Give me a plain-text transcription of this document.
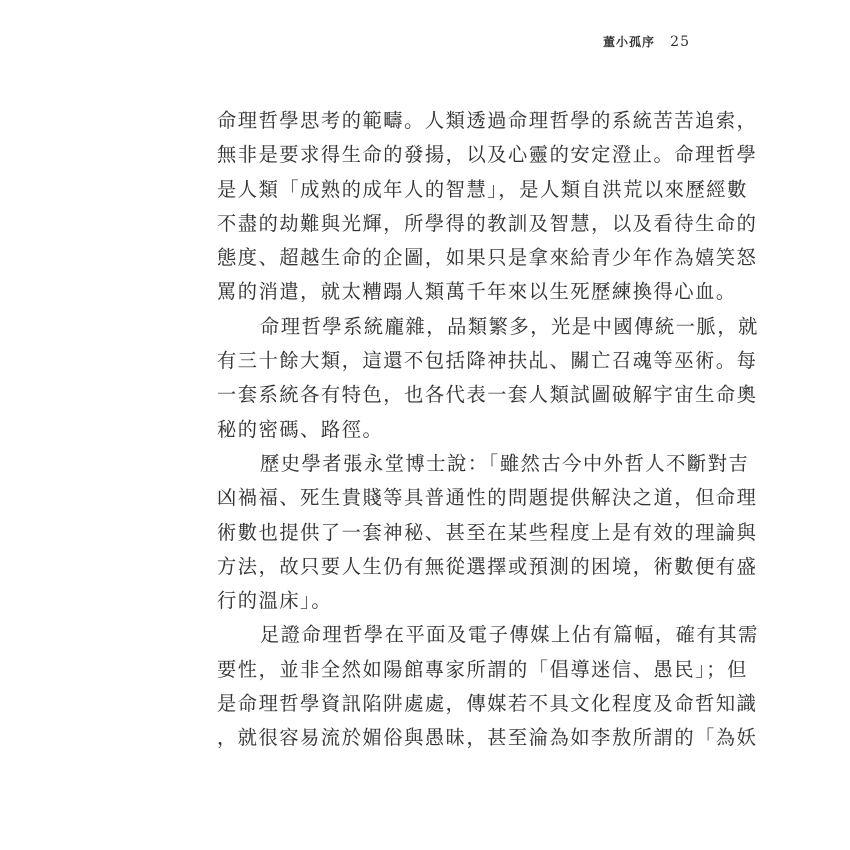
董小孤序 25
命理哲學思考的範疇。人類透過命理哲學的系統苦苦追索，
無非是要求得生命的發揚，以及心靈的安定澄止。命理哲學
是人類「成熟的成年人的智慧」，是人類自洪荒以來歷經數
不盡的劫難與光輝，所學得的教訓及智慧，以及看待生命的
態度、超越生命的企圖，如果只是拿來給青少年作為嬉笑怒
罵的消遣，就太糟蹋人類萬千年來以生死歷練換得心血。
命理哲學系統龐雜，品類繁多，光是中國傳統一脈，就
有三十餘大類，這還不包括降神扶乩、關亡召魂等巫術。每
一套系統各有特色，也各代表一套人類試圖破解宇宙生命奧
秘的密碼、路徑。
歷史學者張永堂博士說：「雖然古今中外哲人不斷對吉
凶禍福、死生貴賤等具普通性的問題提供解決之道，但命理
術數也提供了一套神秘、甚至在某些程度上是有效的理論與
方法，故只要人生仍有無從選擇或預測的困境，術數便有盛
行的溫床」。
足證命理哲學在平面及電子傳媒上佔有篇幅，確有其需
要性，並非全然如陽館專家所謂的「倡導迷信、愚民」；但
是命理哲學資訊陷阱處處，傳媒若不具文化程度及命哲知識
，就很容易流於媚俗與愚昧，甚至淪為如李敖所謂的「為妖
